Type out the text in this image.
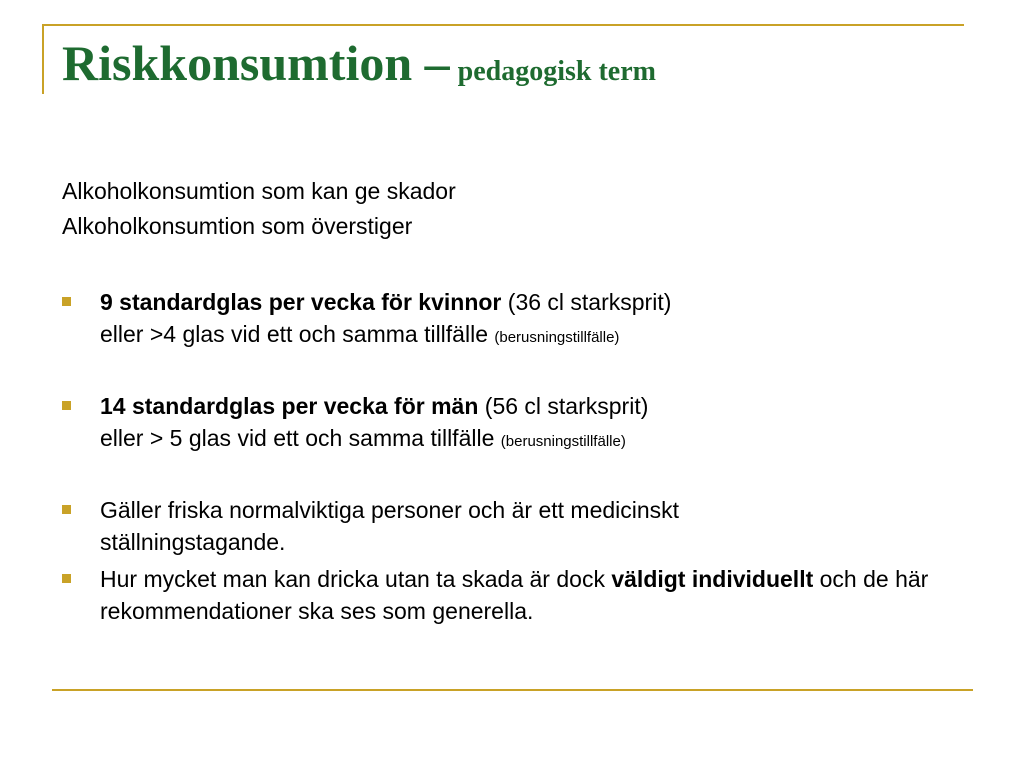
Riskkonsumtion – pedagogisk term
Alkoholkonsumtion som kan ge skador
Alkoholkonsumtion som överstiger
9 standardglas per vecka för kvinnor (36 cl starksprit)
eller >4 glas vid ett och samma tillfälle (berusningstillfälle)
14 standardglas per vecka för män (56 cl starksprit)
eller > 5 glas vid ett och samma tillfälle (berusningstillfälle)
Gäller friska normalviktiga personer och är ett medicinskt ställningstagande.
Hur mycket man kan dricka utan ta skada är dock väldigt individuellt och de här rekommendationer ska ses som generella.
